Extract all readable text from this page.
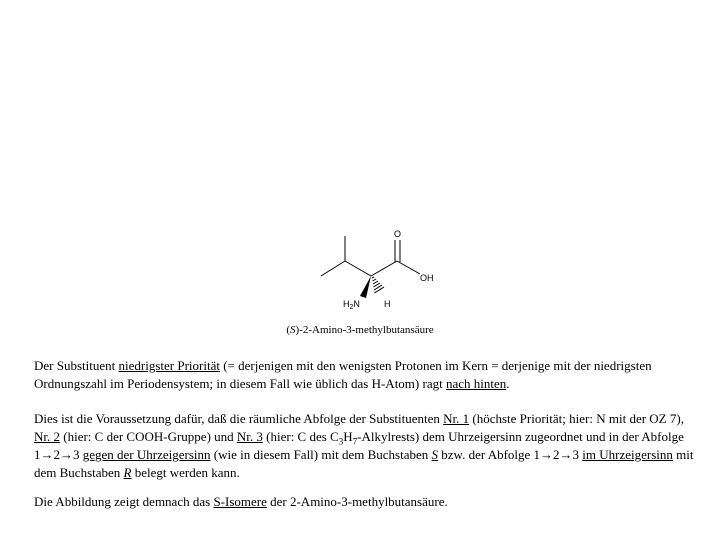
O
OH
$H_2N$	H
(S)-2-Amino-3-methylbutansäure

Der Substituent niedrigster Priorität (= derjenigen mit den wenigsten Protonen im Kern = derjenige mit der niedrigsten Ordnungszahl im Periodensystem; in diesem Fall wie üblich das H-Atom) ragt nach hinten.

Dies ist die Voraussetzung dafür, daß die räumliche Abfolge der Substituenten Nr. 1 (höchste Priorität; hier: N mit der OZ 7), Nr. 2 (hier: C der COOH-Gruppe) und Nr. 3 (hier: C des $C_3H_7-Alkylrests$) dem Uhrzeigersinn zugeordnet und in der Abfolge 1→2→3 gegen der Uhrzeigersinn (wie in diesem Fall) mit dem Buchstaben S bzw. der Abfolge 1→2→3 im Uhrzeigersinn mit dem Buchstaben R belegt werden kann.

Die Abbildung zeigt demnach das S-Isomere der 2-Amino-3-methylbutansäure.
